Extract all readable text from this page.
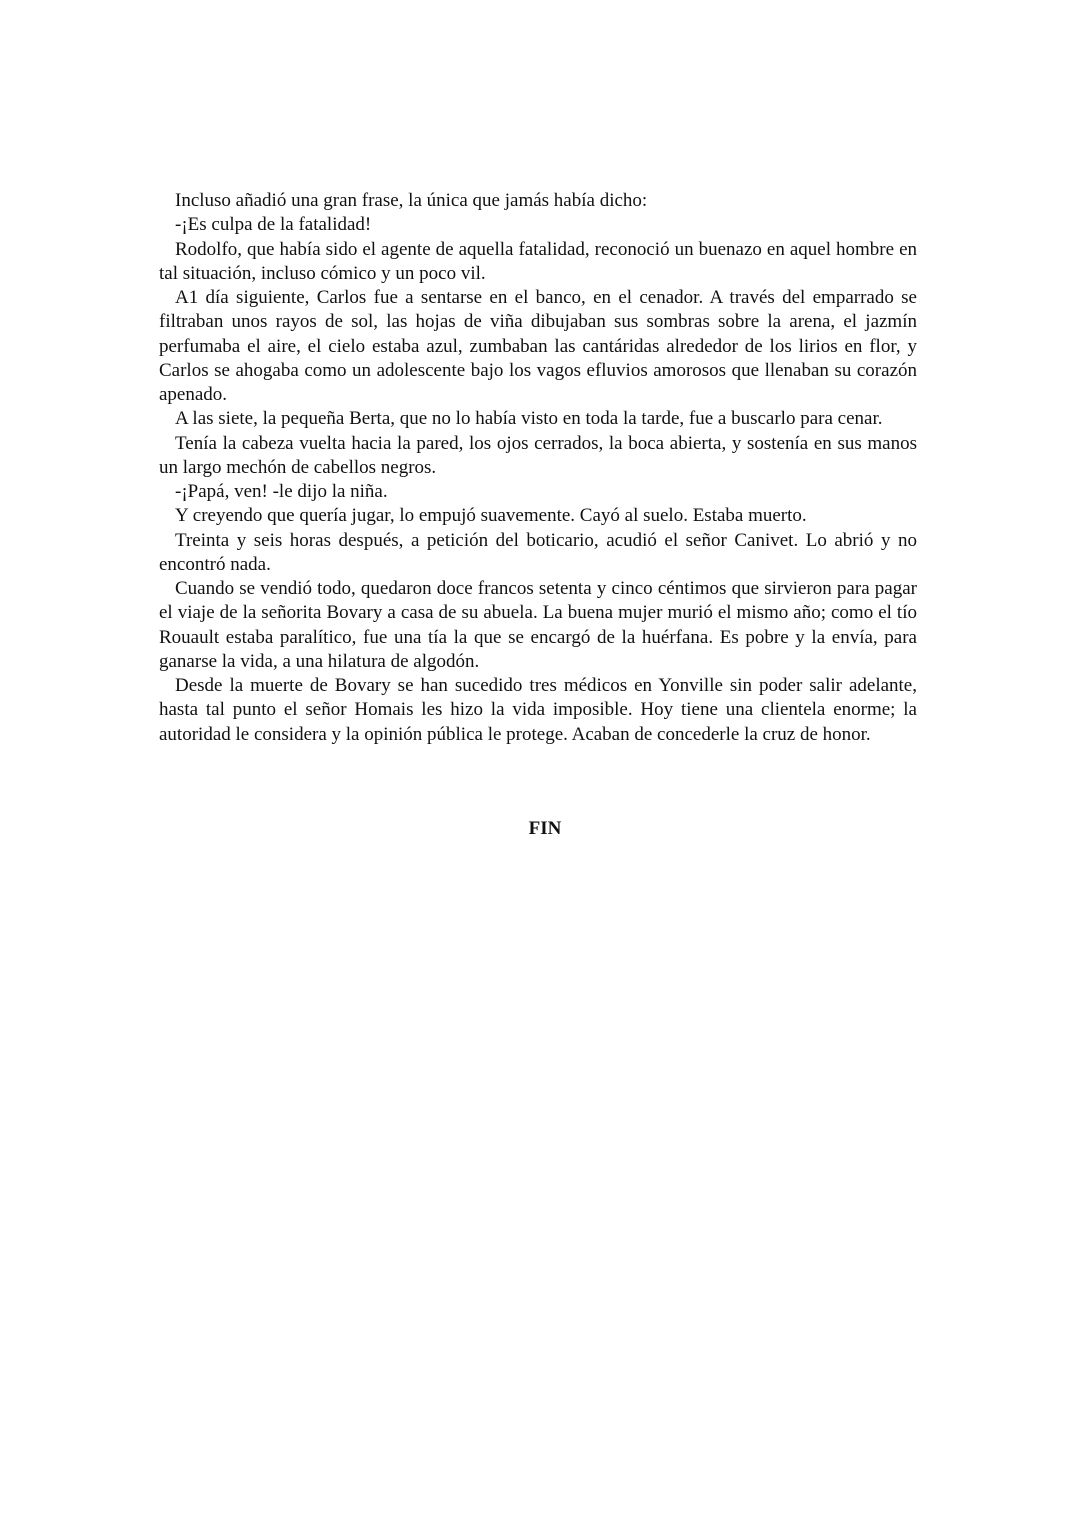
Incluso añadió una gran frase, la única que jamás había dicho:

-¡Es culpa de la fatalidad!

Rodolfo, que había sido el agente de aquella fatalidad, reconoció un buenazo en aquel hombre en tal situación, incluso cómico y un poco vil.

A1 día siguiente, Carlos fue a sentarse en el banco, en el cenador. A través del emparrado se filtraban unos rayos de sol, las hojas de viña dibujaban sus sombras sobre la arena, el jazmín perfumaba el aire, el cielo estaba azul, zumbaban las cantáridas alrededor de los lirios en flor, y Carlos se ahogaba como un adolescente bajo los vagos efluvios amorosos que llenaban su corazón apenado.

A las siete, la pequeña Berta, que no lo había visto en toda la tarde, fue a buscarlo para cenar.

Tenía la cabeza vuelta hacia la pared, los ojos cerrados, la boca abierta, y sostenía en sus manos un largo mechón de cabellos negros.

-¡Papá, ven! -le dijo la niña.

Y creyendo que quería jugar, lo empujó suavemente. Cayó al suelo. Estaba muerto.

Treinta y seis horas después, a petición del boticario, acudió el señor Canivet. Lo abrió y no encontró nada.

Cuando se vendió todo, quedaron doce francos setenta y cinco céntimos que sirvieron para pagar el viaje de la señorita Bovary a casa de su abuela. La buena mujer murió el mismo año; como el tío Rouault estaba paralítico, fue una tía la que se encargó de la huérfana. Es pobre y la envía, para ganarse la vida, a una hilatura de algodón.

Desde la muerte de Bovary se han sucedido tres médicos en Yonville sin poder salir adelante, hasta tal punto el señor Homais les hizo la vida imposible. Hoy tiene una clientela enorme; la autoridad le considera y la opinión pública le protege. Acaban de concederle la cruz de honor.

FIN
